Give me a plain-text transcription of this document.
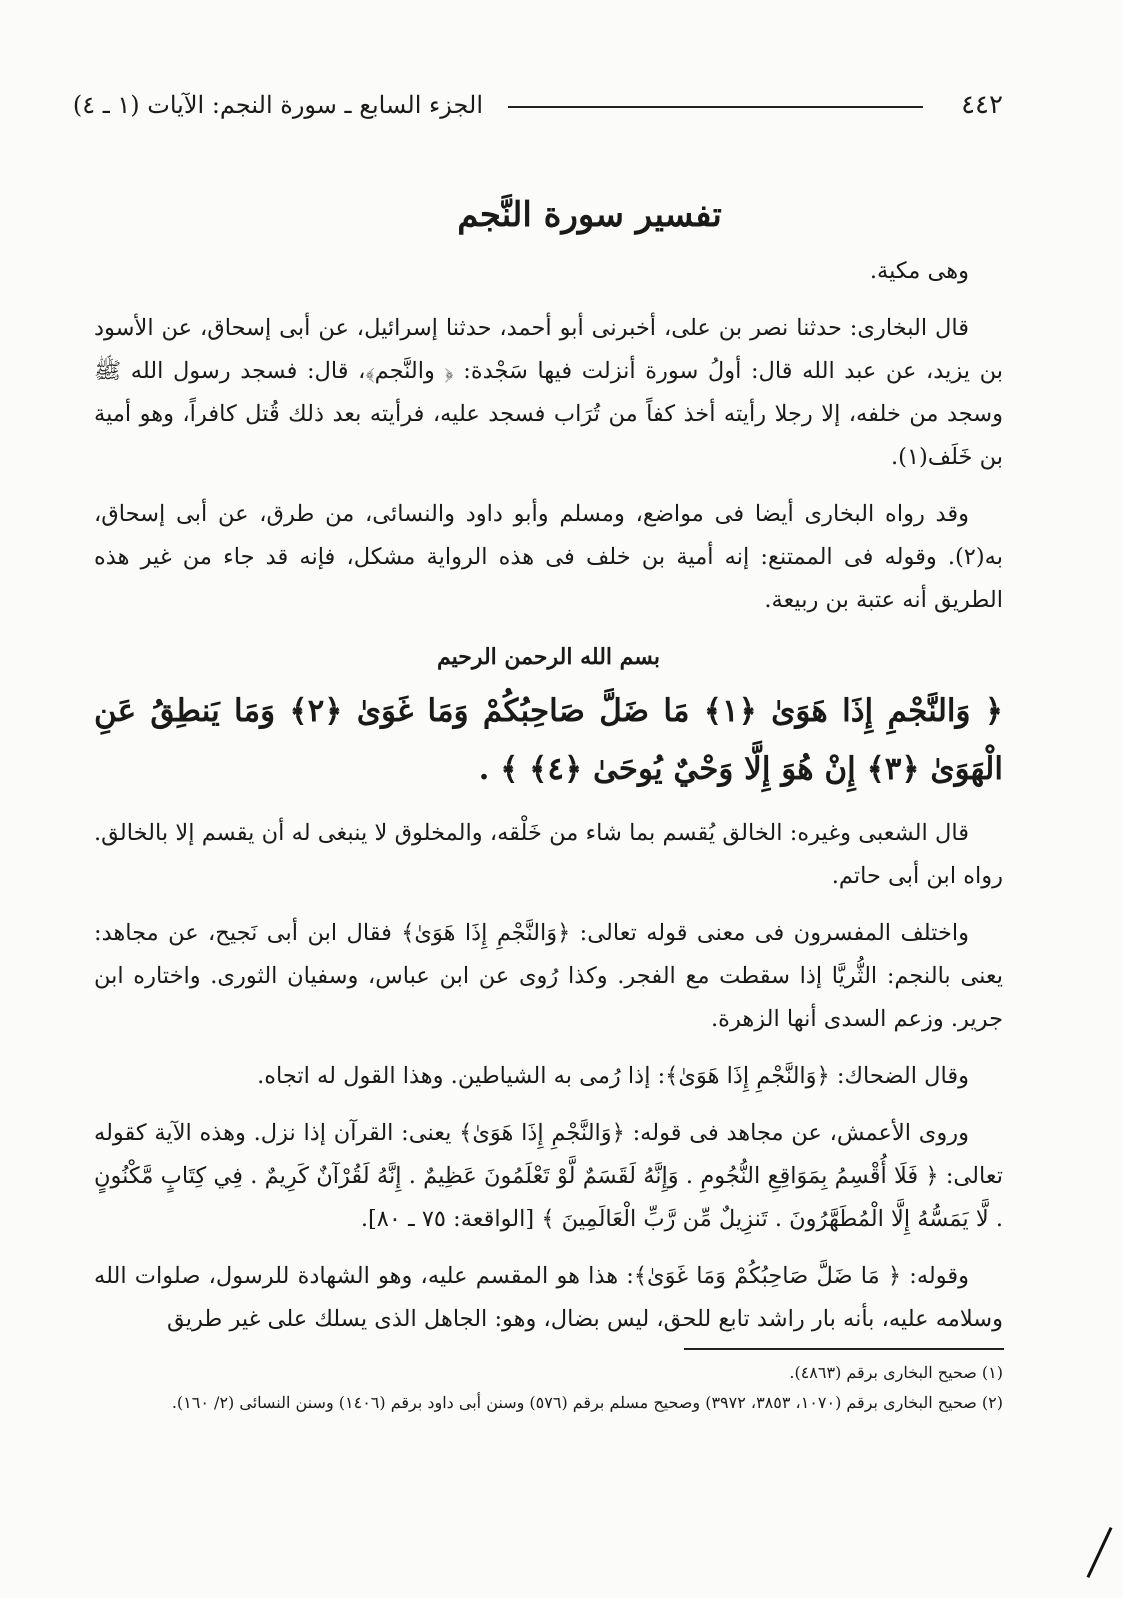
الجزء السابع ـ سورة النجم: الآيات (١ ـ ٤)	٤٤٢
تفسير سورة النَّجم

وهى مكية.

قال البخارى: حدثنا نصر بن على، أخبرنى أبو أحمد، حدثنا إسرائيل، عن أبى إسحاق، عن الأسود بن يزيد، عن عبد الله قال: أولُ سورة أنزلت فيها سَجْدة: ﴿ والنَّجم﴾، قال: فسجد رسول الله ﷺ وسجد من خلفه، إلا رجلا رأيته أخذ كفاً من تُرَاب فسجد عليه، فرأيته بعد ذلك قُتل كافراً، وهو أمية بن خَلَف(١).

وقد رواه البخارى أيضا فى مواضع، ومسلم وأبو داود والنسائى، من طرق، عن أبى إسحاق، به(٢). وقوله فى الممتنع: إنه أمية بن خلف فى هذه الرواية مشكل، فإنه قد جاء من غير هذه الطريق أنه عتبة بن ربيعة.

بسم الله الرحمن الرحيم
﴿ وَالنَّجْمِ إِذَا هَوَىٰ ﴿١﴾ مَا ضَلَّ صَاحِبُكُمْ وَمَا غَوَىٰ ﴿٢﴾ وَمَا يَنطِقُ عَنِ الْهَوَىٰ ﴿٣﴾ إِنْ هُوَ إِلَّا وَحْيٌ يُوحَىٰ ﴿٤﴾ ﴾ .

قال الشعبى وغيره: الخالق يُقسم بما شاء من خَلْقه، والمخلوق لا ينبغى له أن يقسم إلا بالخالق. رواه ابن أبى حاتم.

واختلف المفسرون فى معنى قوله تعالى: ﴿وَالنَّجْمِ إِذَا هَوَىٰ﴾ فقال ابن أبى نَجيح، عن مجاهد: يعنى بالنجم: الثُّريَّا إذا سقطت مع الفجر. وكذا رُوى عن ابن عباس، وسفيان الثورى. واختاره ابن جرير. وزعم السدى أنها الزهرة.

وقال الضحاك: ﴿وَالنَّجْمِ إِذَا هَوَىٰ﴾: إذا رُمى به الشياطين. وهذا القول له اتجاه.

وروى الأعمش، عن مجاهد فى قوله: ﴿وَالنَّجْمِ إِذَا هَوَىٰ﴾ يعنى: القرآن إذا نزل. وهذه الآية كقوله تعالى: ﴿ فَلَا أُقْسِمُ بِمَوَاقِعِ النُّجُومِ . وَإِنَّهُ لَقَسَمٌ لَّوْ تَعْلَمُونَ عَظِيمٌ . إِنَّهُ لَقُرْآنٌ كَرِيمٌ . فِي كِتَابٍ مَّكْنُونٍ . لَّا يَمَسُّهُ إِلَّا الْمُطَهَّرُونَ . تَنزِيلٌ مِّن رَّبِّ الْعَالَمِينَ ﴾ [الواقعة: ٧٥ ـ ٨٠].

وقوله: ﴿ مَا ضَلَّ صَاحِبُكُمْ وَمَا غَوَىٰ﴾: هذا هو المقسم عليه، وهو الشهادة للرسول، صلوات الله وسلامه عليه، بأنه بار راشد تابع للحق، ليس بضال، وهو: الجاهل الذى يسلك على غير طريق

(١) صحيح البخارى برقم (٤٨٦٣).
(٢) صحيح البخارى برقم (١٠٧٠، ٣٨٥٣، ٣٩٧٢) وصحيح مسلم برقم (٥٧٦) وسنن أبى داود برقم (١٤٠٦) وسنن النسائى (٢/ ١٦٠).
